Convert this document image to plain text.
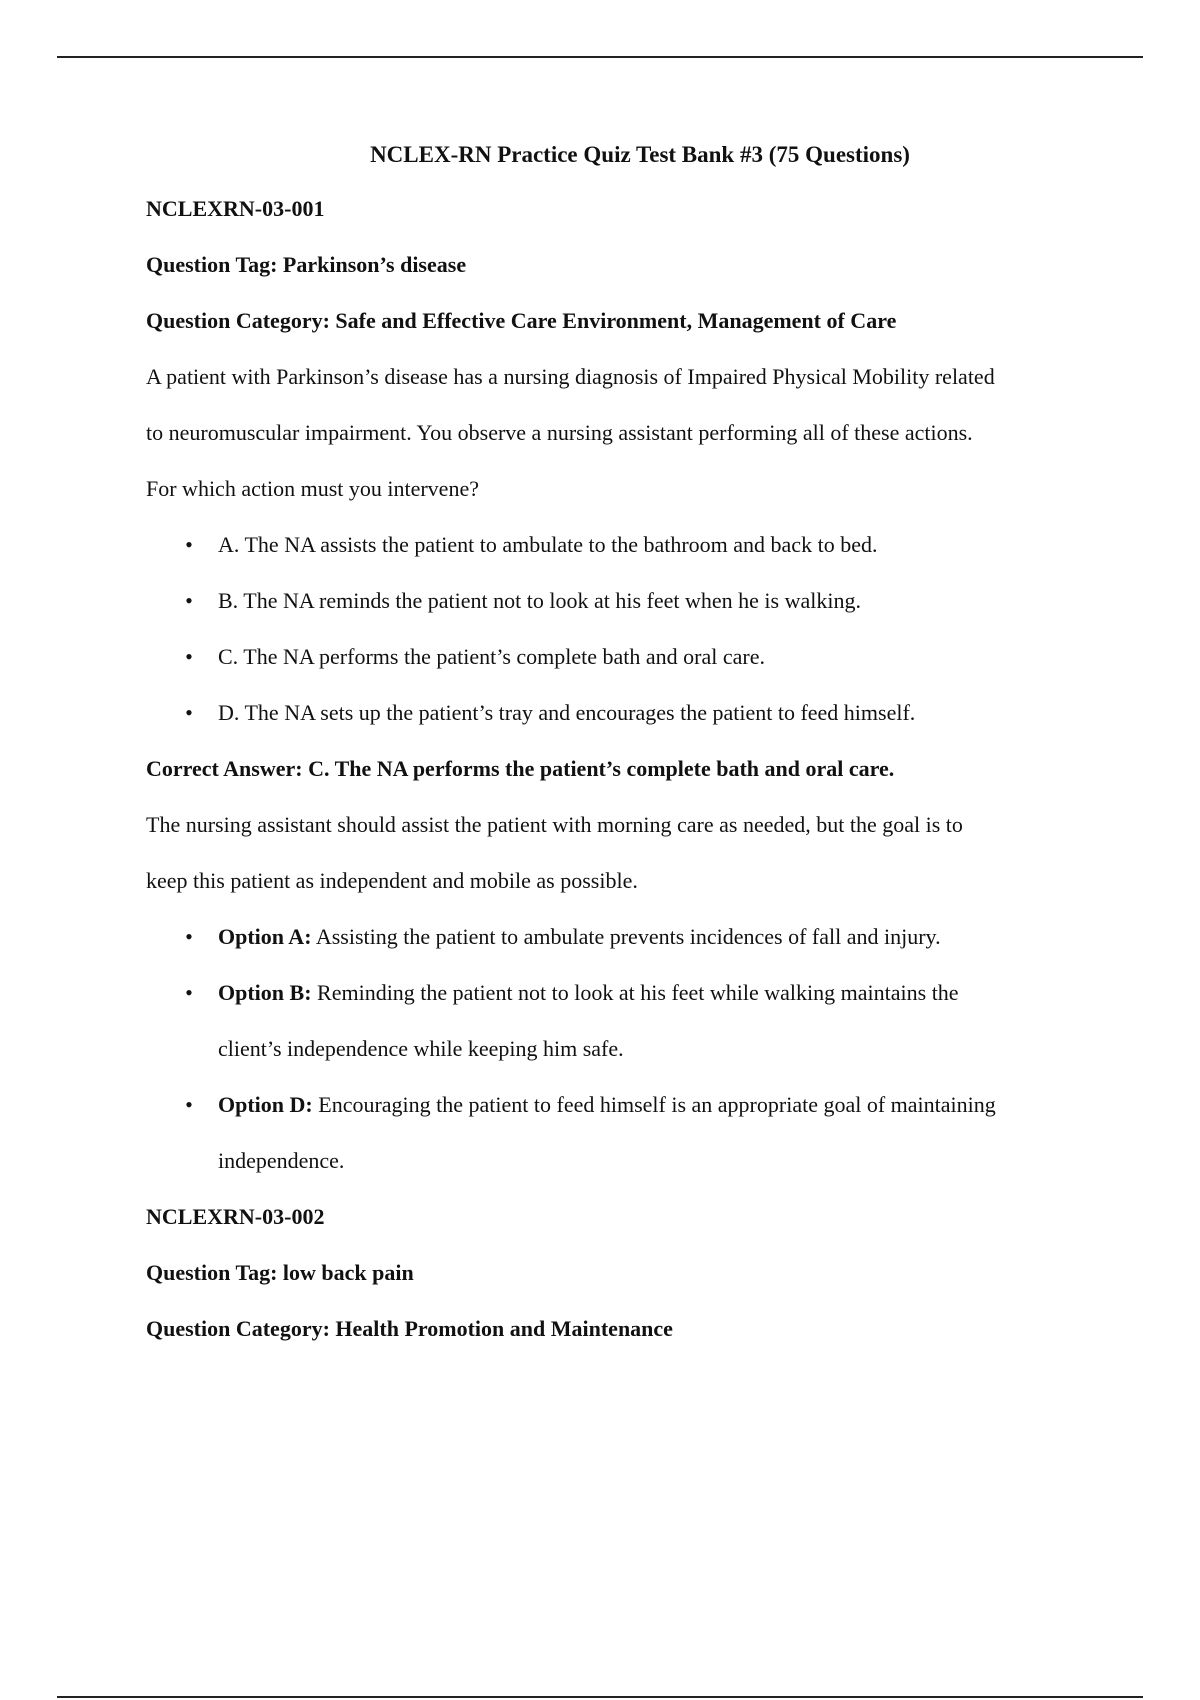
NCLEX-RN Practice Quiz Test Bank #3 (75 Questions)
NCLEXRN-03-001
Question Tag: Parkinson’s disease
Question Category: Safe and Effective Care Environment, Management of Care
A patient with Parkinson’s disease has a nursing diagnosis of Impaired Physical Mobility related
to neuromuscular impairment. You observe a nursing assistant performing all of these actions.
For which action must you intervene?
• A. The NA assists the patient to ambulate to the bathroom and back to bed.
• B. The NA reminds the patient not to look at his feet when he is walking.
• C. The NA performs the patient’s complete bath and oral care.
• D. The NA sets up the patient’s tray and encourages the patient to feed himself.
Correct Answer: C. The NA performs the patient’s complete bath and oral care.
The nursing assistant should assist the patient with morning care as needed, but the goal is to
keep this patient as independent and mobile as possible.
• Option A: Assisting the patient to ambulate prevents incidences of fall and injury.
• Option B: Reminding the patient not to look at his feet while walking maintains the
client’s independence while keeping him safe.
• Option D: Encouraging the patient to feed himself is an appropriate goal of maintaining
independence.
NCLEXRN-03-002
Question Tag: low back pain
Question Category: Health Promotion and Maintenance
